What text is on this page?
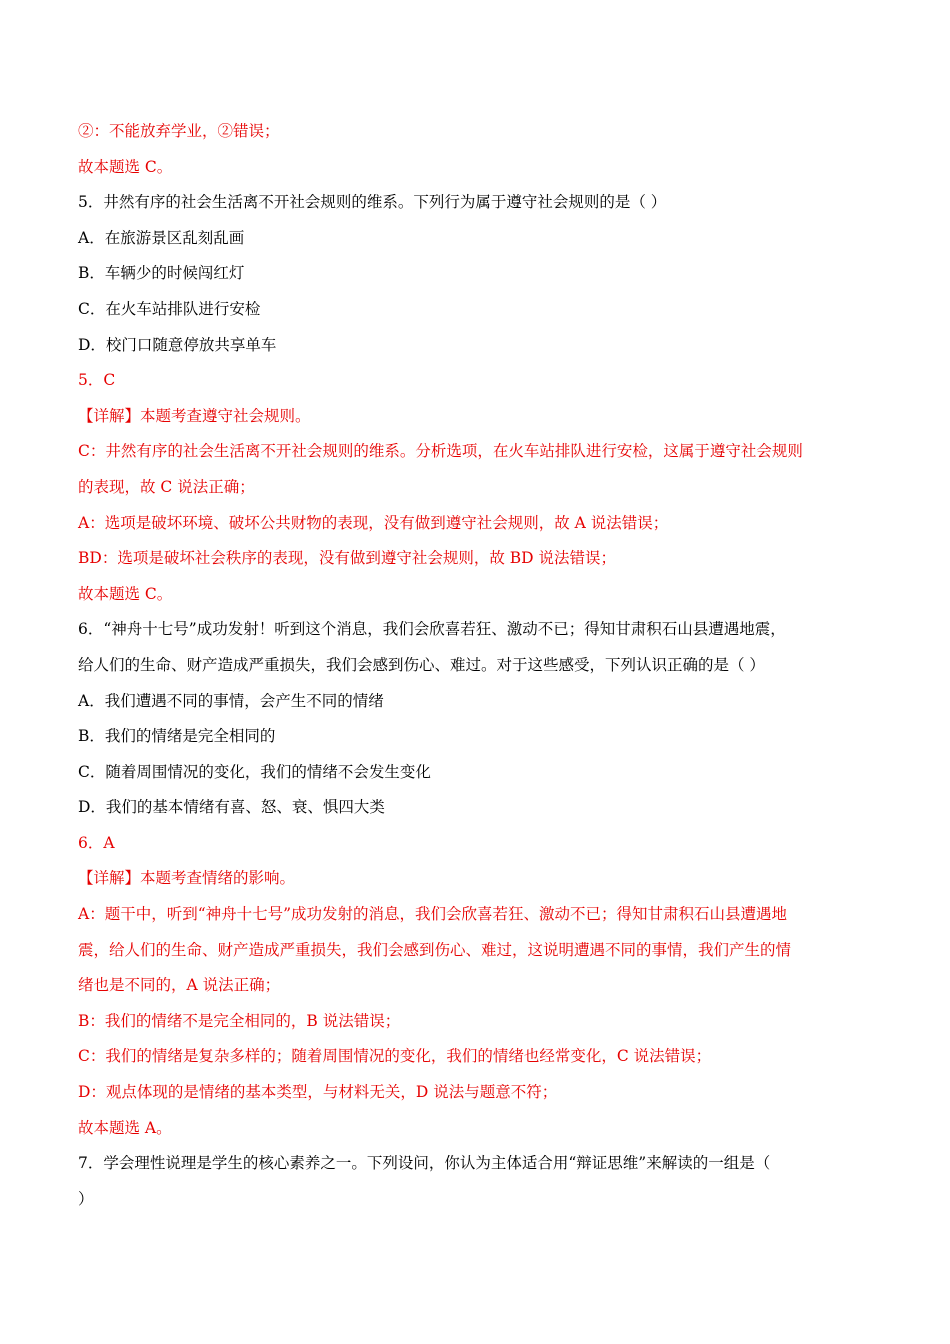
②：不能放弃学业，②错误；
故本题选 C。
5．井然有序的社会生活离不开社会规则的维系。下列行为属于遵守社会规则的是（ ）
A．在旅游景区乱刻乱画
B．车辆少的时候闯红灯
C．在火车站排队进行安检
D．校门口随意停放共享单车
5．C
【详解】本题考查遵守社会规则。
C：井然有序的社会生活离不开社会规则的维系。分析选项，在火车站排队进行安检，这属于遵守社会规则
的表现，故 C 说法正确；
A：选项是破坏环境、破坏公共财物的表现，没有做到遵守社会规则，故 A 说法错误；
BD：选项是破坏社会秩序的表现，没有做到遵守社会规则，故 BD 说法错误；
故本题选 C。
6．“神舟十七号”成功发射！听到这个消息，我们会欣喜若狂、激动不已；得知甘肃积石山县遭遇地震，
给人们的生命、财产造成严重损失，我们会感到伤心、难过。对于这些感受，下列认识正确的是（ ）
A．我们遭遇不同的事情，会产生不同的情绪
B．我们的情绪是完全相同的
C．随着周围情况的变化，我们的情绪不会发生变化
D．我们的基本情绪有喜、怒、衰、惧四大类
6．A
【详解】本题考查情绪的影响。
A：题干中，听到“神舟十七号”成功发射的消息，我们会欣喜若狂、激动不已；得知甘肃积石山县遭遇地
震，给人们的生命、财产造成严重损失，我们会感到伤心、难过，这说明遭遇不同的事情，我们产生的情
绪也是不同的，A 说法正确；
B：我们的情绪不是完全相同的，B 说法错误；
C：我们的情绪是复杂多样的；随着周围情况的变化，我们的情绪也经常变化，C 说法错误；
D：观点体现的是情绪的基本类型，与材料无关，D 说法与题意不符；
故本题选 A。
7．学会理性说理是学生的核心素养之一。下列设问，你认为主体适合用“辩证思维”来解读的一组是（
）
